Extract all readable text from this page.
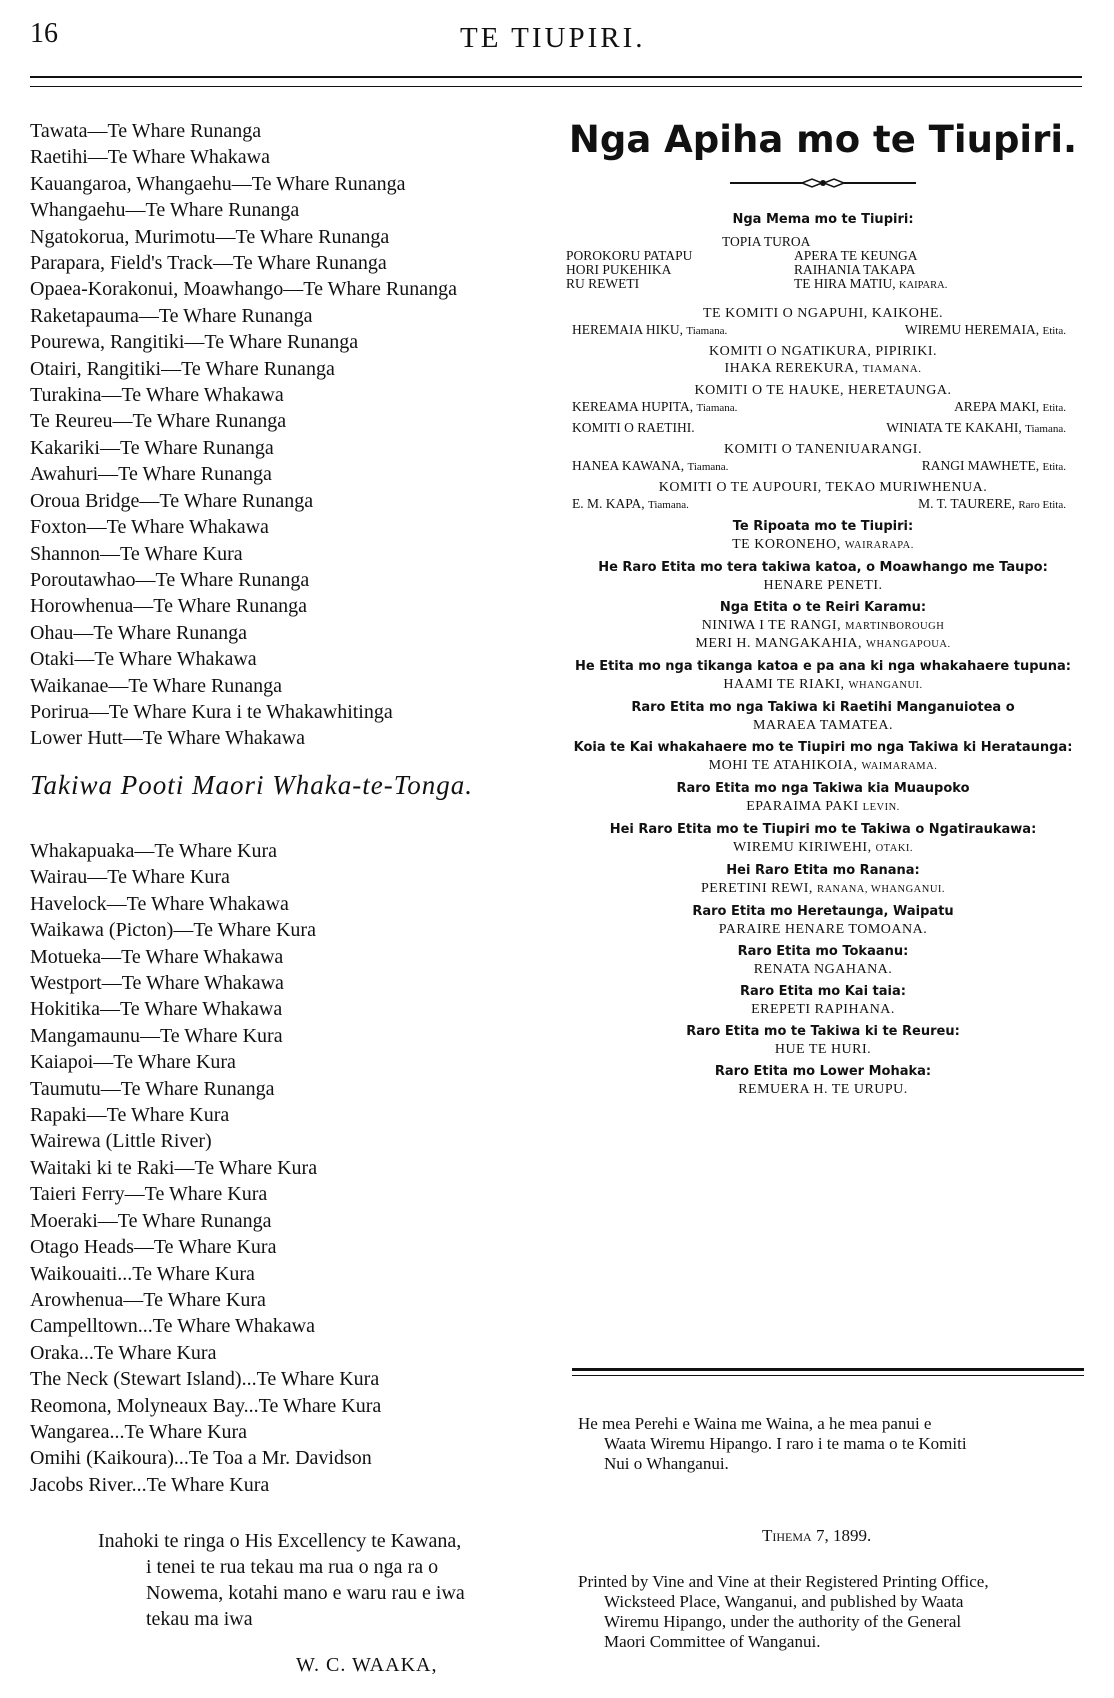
16	TE TIUPIRI.
Tawata—Te Whare Runanga
Raetihi—Te Whare Whakawa
Kauangaroa, Whangaehu—Te Whare Runanga
Whangaehu—Te Whare Runanga
Ngatokorua, Murimotu—Te Whare Runanga
Parapara, Field's Track—Te Whare Runanga
Opaea-Korakonui, Moawhango—Te Whare Runanga
Raketapauma—Te Whare Runanga
Pourewa, Rangitiki—Te Whare Runanga
Otairi, Rangitiki—Te Whare Runanga
Turakina—Te Whare Whakawa
Te Reureu—Te Whare Runanga
Kakariki—Te Whare Runanga
Awahuri—Te Whare Runanga
Oroua Bridge—Te Whare Runanga
Foxton—Te Whare Whakawa
Shannon—Te Whare Kura
Poroutawhao—Te Whare Runanga
Horowhenua—Te Whare Runanga
Ohau—Te Whare Runanga
Otaki—Te Whare Whakawa
Waikanae—Te Whare Runanga
Porirua—Te Whare Kura i te Whakawhitinga
Lower Hutt—Te Whare Whakawa
Takiwa Pooti Maori Whaka-te-Tonga.
Whakapuaka—Te Whare Kura
Wairau—Te Whare Kura
Havelock—Te Whare Whakawa
Waikawa (Picton)—Te Whare Kura
Motueka—Te Whare Whakawa
Westport—Te Whare Whakawa
Hokitika—Te Whare Whakawa
Mangamaunu—Te Whare Kura
Kaiapoi—Te Whare Kura
Taumutu—Te Whare Runanga
Rapaki—Te Whare Kura
Wairewa (Little River)
Waitaki ki te Raki—Te Whare Kura
Taieri Ferry—Te Whare Kura
Moeraki—Te Whare Runanga
Otago Heads—Te Whare Kura
Waikouaiti...Te Whare Kura
Arowhenua—Te Whare Kura
Campelltown...Te Whare Whakawa
Oraka...Te Whare Kura
The Neck (Stewart Island)...Te Whare Kura
Reomona, Molyneaux Bay...Te Whare Kura
Wangarea...Te Whare Kura
Omihi (Kaikoura)...Te Toa a Mr. Davidson
Jacobs River...Te Whare Kura
Inahoki te ringa o His Excellency te Kawana,
i tenei te rua tekau ma rua o nga ra o
Nowema, kotahi mano e waru rau e iwa
tekau ma iwa
W. C. WAAKA,
Nga Apiha mo te Tiupiri.
Nga Mema mo te Tiupiri:
TOPIA TUROA
POROKORU PATAPU	APERA TE KEUNGA
HORI PUKEHIKA	RAIHANIA TAKAPA
RU REWETI	TE HIRA MATIU, KAIPARA.
TE KOMITI O NGAPUHI, KAIKOHE.
HEREMAIA HIKU, Tiamana.	WIREMU HEREMAIA, Etita.
KOMITI O NGATIKURA, PIPIRIKI.
IHAKA REREKURA, TIAMANA.
KOMITI O TE HAUKE, HERETAUNGA.
KEREAMA HUPITA, Tiamana.	AREPA MAKI, Etita.
KOMITI O RAETIHI.	WINIATA TE KAKAHI, Tiamana.
KOMITI O TANENIUARANGI.
HANEA KAWANA, Tiamana.	RANGI MAWHETE, Etita.
KOMITI O TE AUPOURI, TEKAO MURIWHENUA.
E. M. KAPA, Tiamana.	M. T. TAURERE, Raro Etita.
Te Ripoata mo te Tiupiri:
TE KORONEHO, WAIRARAPA.
He Raro Etita mo tera takiwa katoa, o Moawhango me Taupo:
HENARE PENETI.
Nga Etita o te Reiri Karamu:
NINIWA I TE RANGI, MARTINBOROUGH
MERI H. MANGAKAHIA, WHANGAPOUA.
He Etita mo nga tikanga katoa e pa ana ki nga whakahaere tupuna:
HAAMI TE RIAKI, WHANGANUI.
Raro Etita mo nga Takiwa ki Raetihi Manganuiotea o
MARAEA TAMATEA.
Koia te Kai whakahaere mo te Tiupiri mo nga Takiwa ki Herataunga:
MOHI TE ATAHIKOIA, WAIMARAMA.
Raro Etita mo nga Takiwa kia Muaupoko
EPARAIMA PAKI LEVIN.
Hei Raro Etita mo te Tiupiri mo te Takiwa o Ngatiraukawa:
WIREMU KIRIWEHI, OTAKI.
Hei Raro Etita mo Ranana:
PERETINI REWI, RANANA, WHANGANUI.
Raro Etita mo Heretaunga, Waipatu
PARAIRE HENARE TOMOANA.
Raro Etita mo Tokaanu:
RENATA NGAHANA.
Raro Etita mo Kai taia:
EREPETI RAPIHANA.
Raro Etita mo te Takiwa ki te Reureu:
HUE TE HURI.
Raro Etita mo Lower Mohaka:
REMUERA H. TE URUPU.
He mea Perehi e Waina me Waina, a he mea panui e
Waata Wiremu Hipango. I raro i te mama o te Komiti
Nui o Whanganui.
Tihema 7, 1899.
Printed by Vine and Vine at their Registered Printing Office,
Wicksteed Place, Wanganui, and published by Waata
Wiremu Hipango, under the authority of the General
Maori Committee of Wanganui.
